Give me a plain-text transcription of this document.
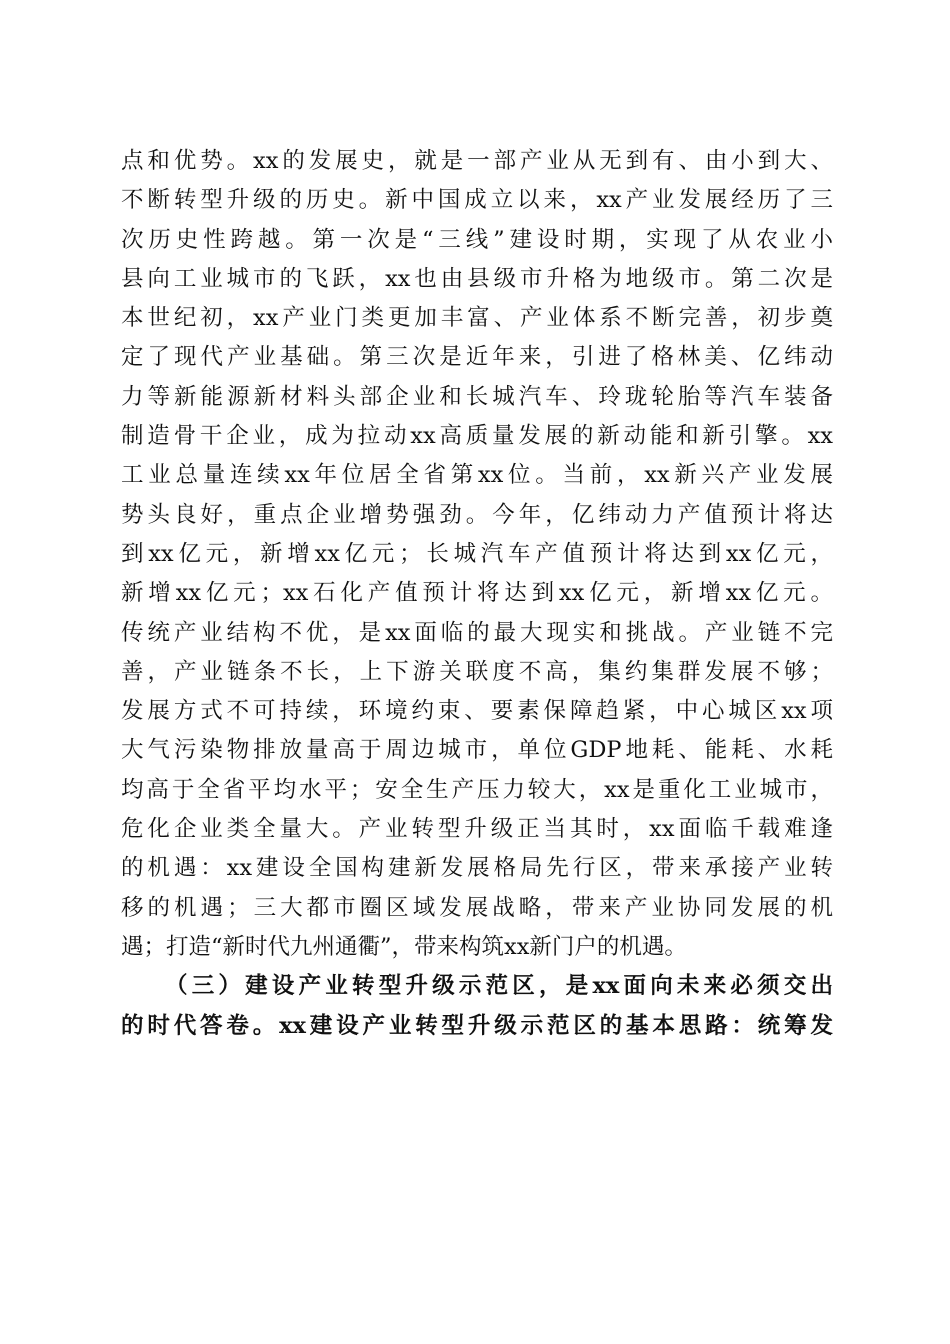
点和优势。xx的发展史，就是一部产业从无到有、由小到大、
不断转型升级的历史。新中国成立以来，xx产业发展经历了三
次历史性跨越。第一次是“三线”建设时期，实现了从农业小
县向工业城市的飞跃，xx也由县级市升格为地级市。第二次是
本世纪初，xx产业门类更加丰富、产业体系不断完善，初步奠
定了现代产业基础。第三次是近年来，引进了格林美、亿纬动
力等新能源新材料头部企业和长城汽车、玲珑轮胎等汽车装备
制造骨干企业，成为拉动xx高质量发展的新动能和新引擎。xx
工业总量连续xx年位居全省第xx位。当前，xx新兴产业发展
势头良好，重点企业增势强劲。今年，亿纬动力产值预计将达
到xx亿元，新增xx亿元；长城汽车产值预计将达到xx亿元，
新增xx亿元；xx石化产值预计将达到xx亿元，新增xx亿元。
传统产业结构不优，是xx面临的最大现实和挑战。产业链不完
善，产业链条不长，上下游关联度不高，集约集群发展不够；
发展方式不可持续，环境约束、要素保障趋紧，中心城区xx项
大气污染物排放量高于周边城市，单位GDP地耗、能耗、水耗
均高于全省平均水平；安全生产压力较大，xx是重化工业城市，
危化企业类全量大。产业转型升级正当其时，xx面临千载难逢
的机遇：xx建设全国构建新发展格局先行区，带来承接产业转
移的机遇；三大都市圈区域发展战略，带来产业协同发展的机
遇；打造“新时代九州通衢”，带来构筑xx新门户的机遇。
（三）建设产业转型升级示范区，是xx面向未来必须交出
的时代答卷。xx建设产业转型升级示范区的基本思路：统筹发
